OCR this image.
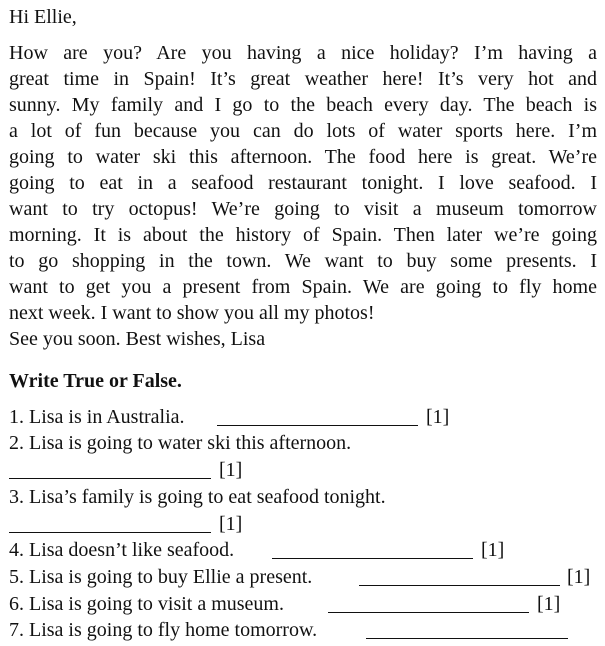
Hi Ellie,
How are you? Are you having a nice holiday? I’m having a
great time in Spain! It’s great weather here! It’s very hot and
sunny. My family and I go to the beach every day. The beach is
a lot of fun because you can do lots of water sports here. I’m
going to water ski this afternoon. The food here is great. We’re
going to eat in a seafood restaurant tonight. I love seafood. I
want to try octopus! We’re going to visit a museum tomorrow
morning. It is about the history of Spain. Then later we’re going
to go shopping in the town. We want to buy some presents. I
want to get you a present from Spain. We are going to fly home
next week. I want to show you all my photos!
See you soon. Best wishes, Lisa
Write True or False.
1. Lisa is in Australia.	[1]
2. Lisa is going to water ski this afternoon.
[1]
3. Lisa’s family is going to eat seafood tonight.
[1]
4. Lisa doesn’t like seafood.	[1]
5. Lisa is going to buy Ellie a present.	[1]
6. Lisa is going to visit a museum.	[1]
7. Lisa is going to fly home tomorrow.
